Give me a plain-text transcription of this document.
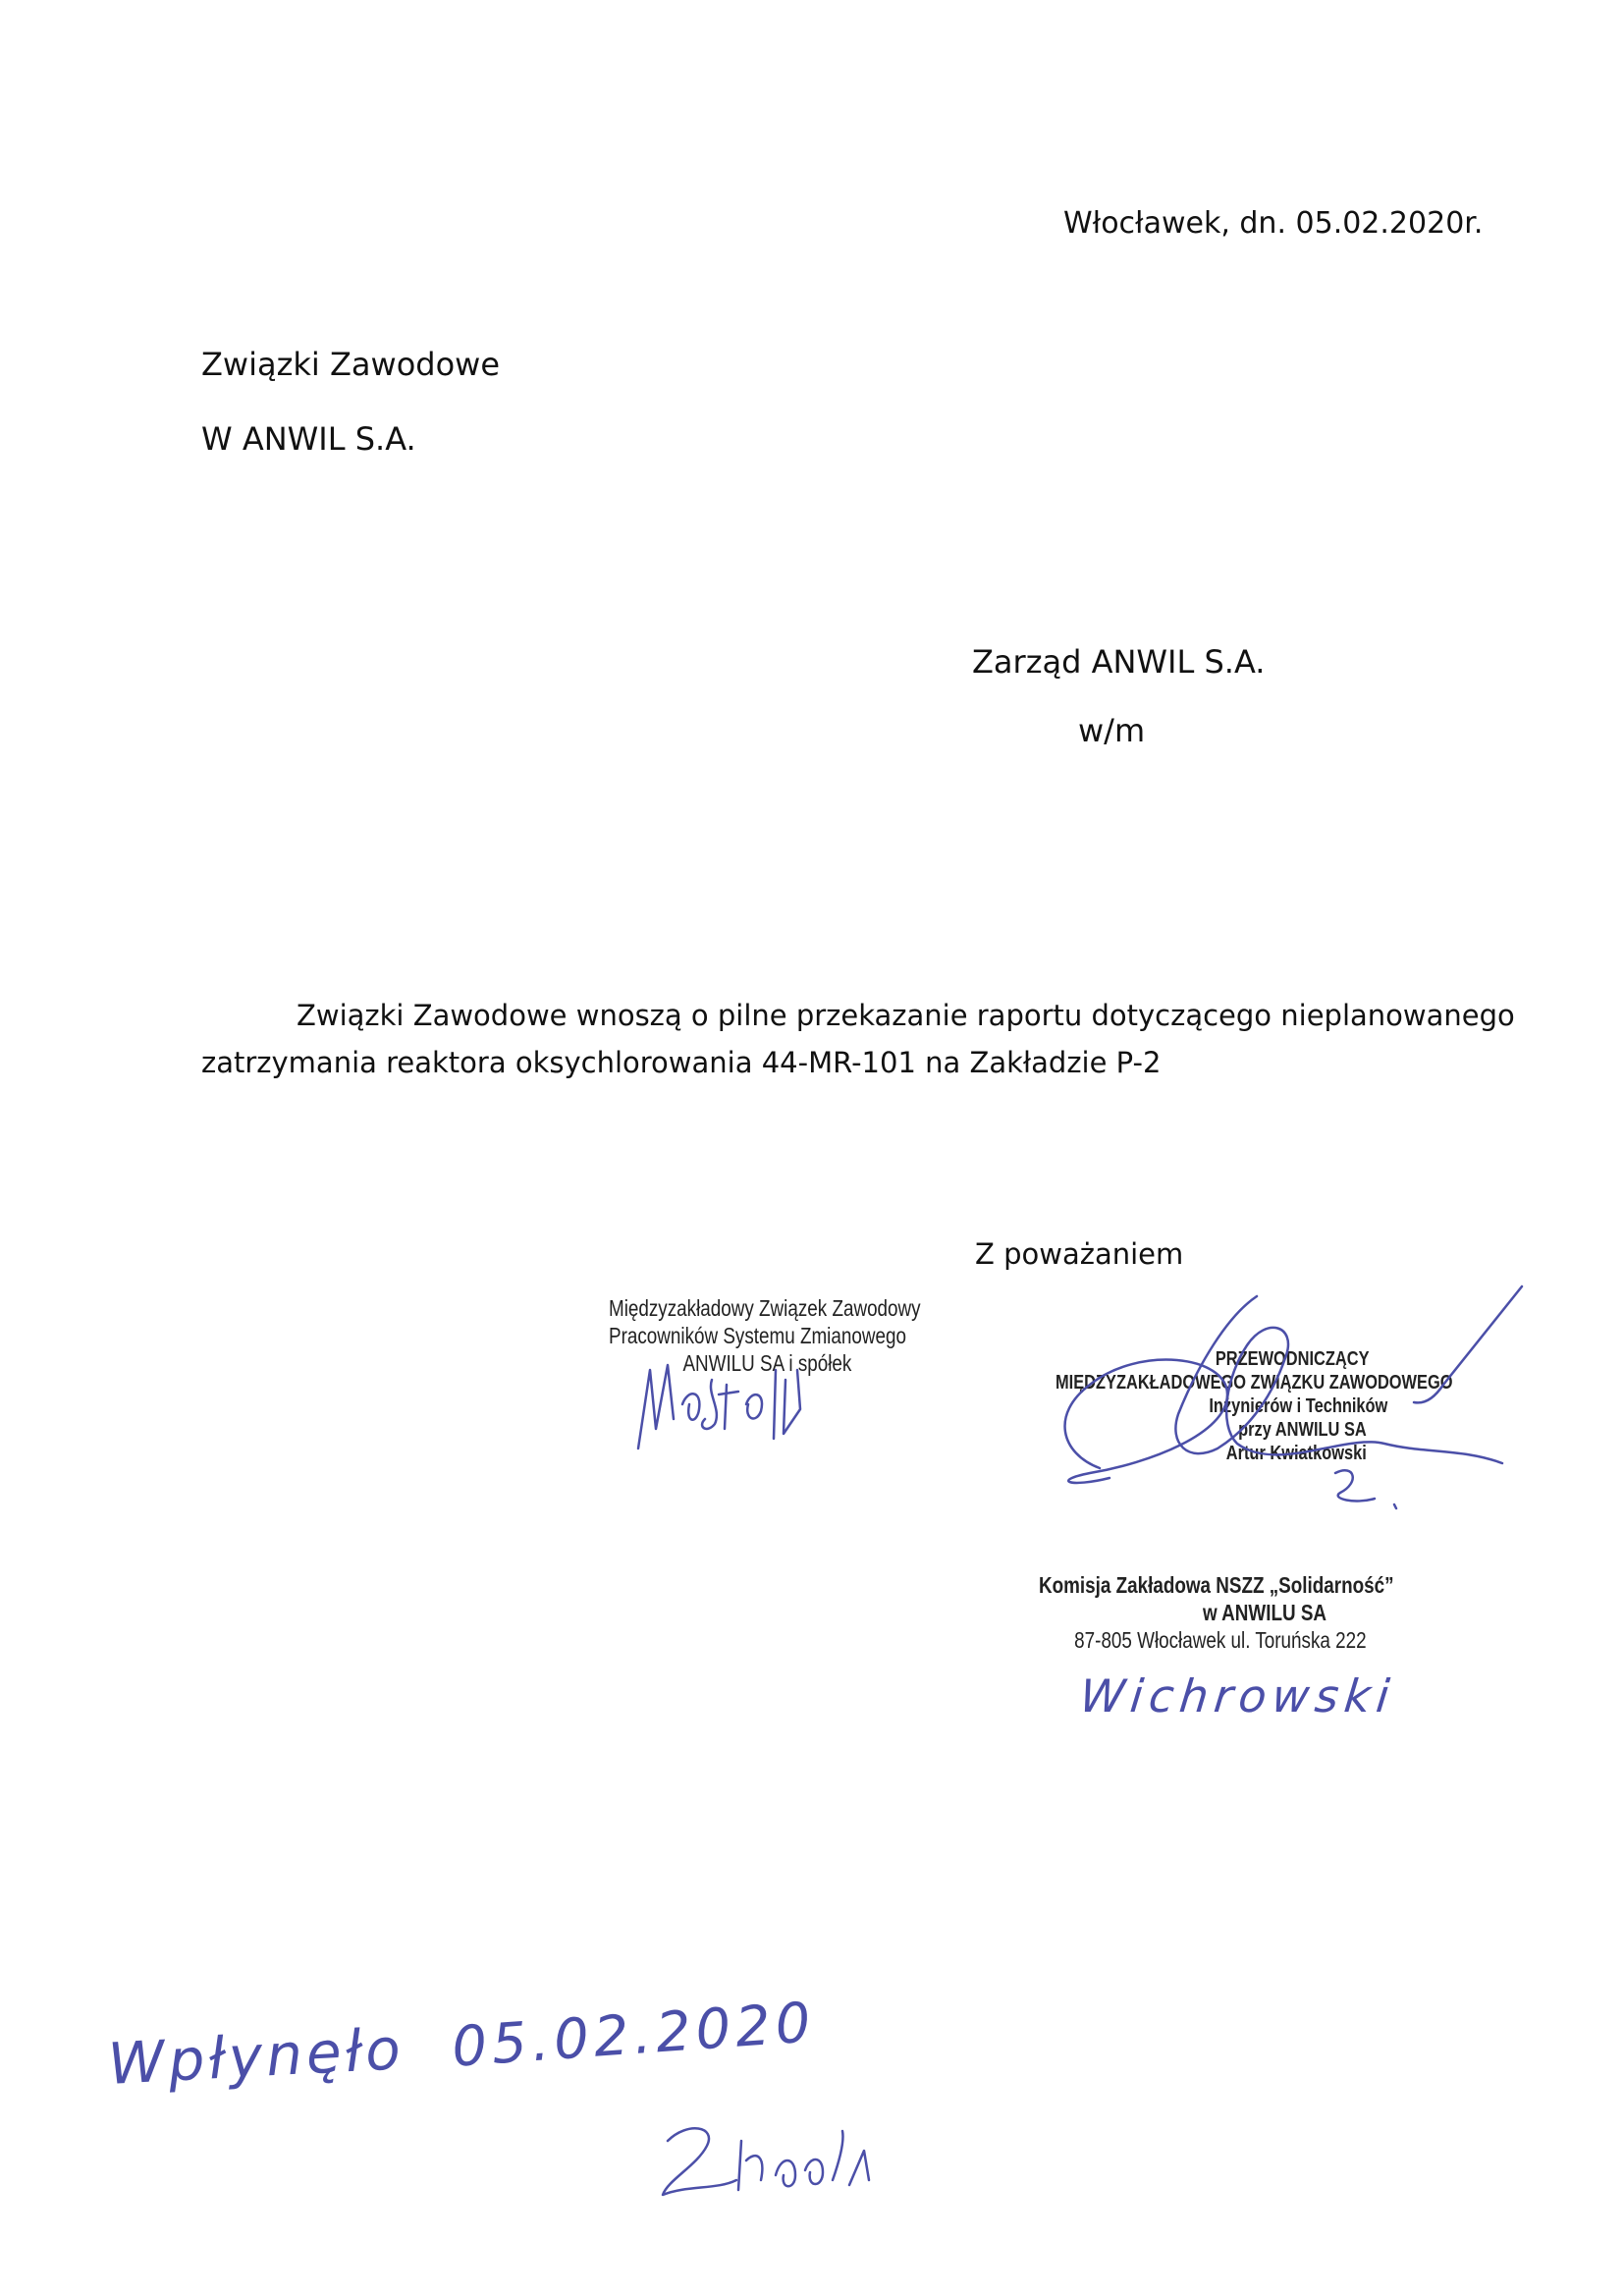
Włocławek, dn. 05.02.2020r.

Związki Zawodowe

W ANWIL S.A.

Zarząd ANWIL S.A.

w/m

Związki Zawodowe wnoszą o pilne przekazanie raportu dotyczącego nieplanowanego

zatrzymania reaktora oksychlorowania 44-MR-101 na Zakładzie P-2

Z poważaniem

Międzyzakładowy Związek Zawodowy
Pracowników Systemu Zmianowego
ANWILU SA i spółek	PRZEWODNICZĄCY
MIĘDZYZAKŁADOWEGO ZWIĄZKU ZAWODOWEGO
Inżynierów i Techników
przy ANWILU SA
Artur Kwiatkowski
Komisja Zakładowa NSZZ „Solidarność”
w ANWILU SA
87-805 Włocławek ul. Toruńska 222
Wichrowski
Wpłynęło 05.02.2020
